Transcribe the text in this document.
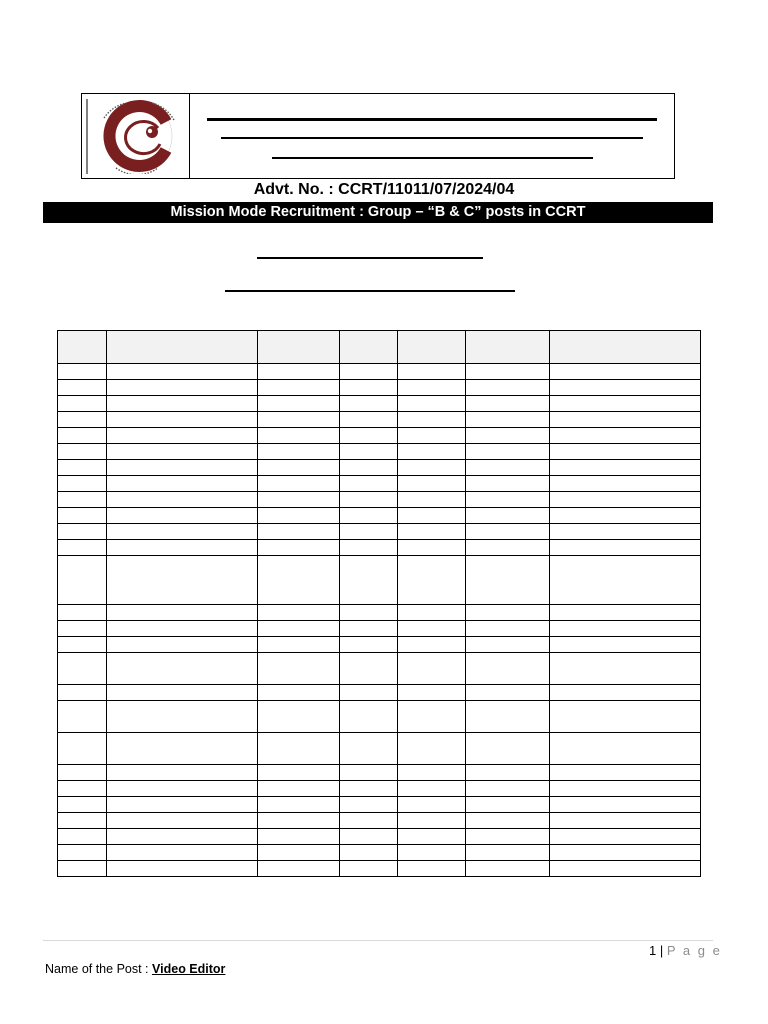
Advt. No. : CCRT/11011/07/2024/04
Mission Mode Recruitment : Group – “B & C” posts in CCRT

1 | P a g e
Name of the Post : Video Editor
